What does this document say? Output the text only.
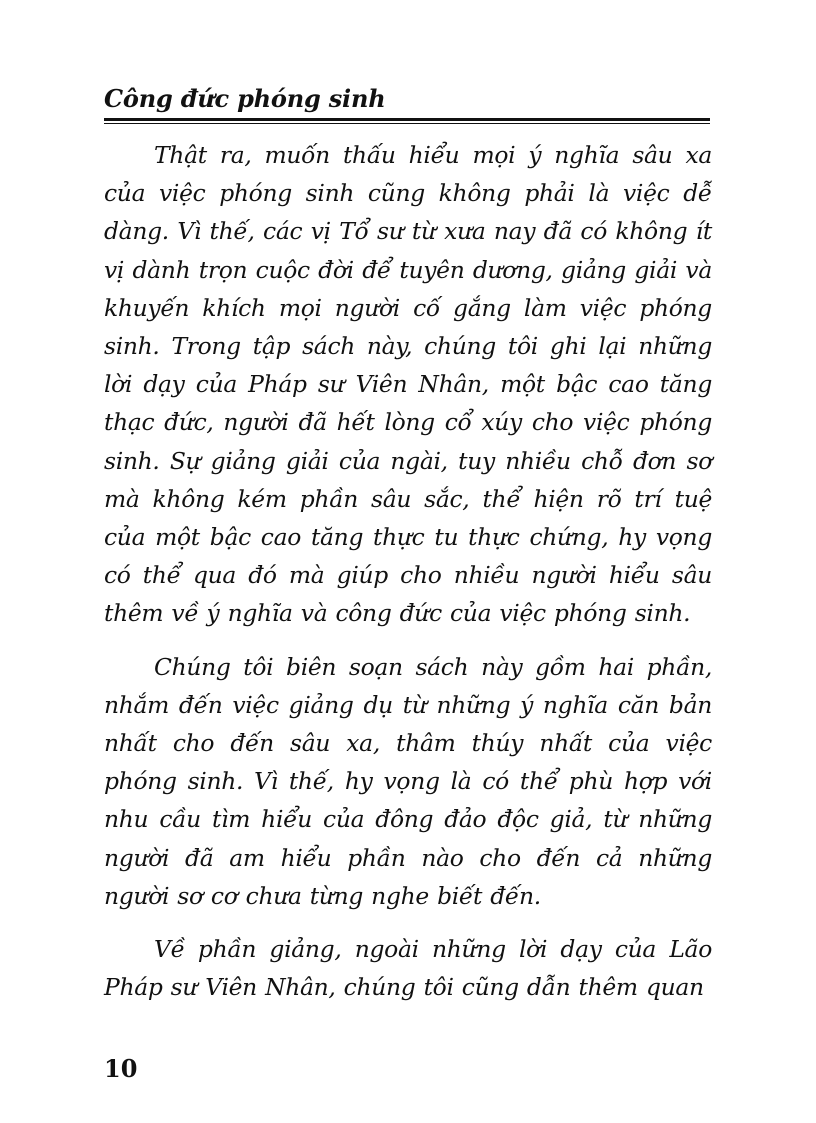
Công đức phóng sinh

Thật ra, muốn thấu hiểu mọi ý nghĩa sâu xa của việc phóng sinh cũng không phải là việc dễ dàng. Vì thế, các vị Tổ sư từ xưa nay đã có không ít vị dành trọn cuộc đời để tuyên dương, giảng giải và khuyến khích mọi người cố gắng làm việc phóng sinh. Trong tập sách này, chúng tôi ghi lại những lời dạy của Pháp sư Viên Nhân, một bậc cao tăng thạc đức, người đã hết lòng cổ xúy cho việc phóng sinh. Sự giảng giải của ngài, tuy nhiều chỗ đơn sơ mà không kém phần sâu sắc, thể hiện rõ trí tuệ của một bậc cao tăng thực tu thực chứng, hy vọng có thể qua đó mà giúp cho nhiều người hiểu sâu thêm về ý nghĩa và công đức của việc phóng sinh.

Chúng tôi biên soạn sách này gồm hai phần, nhắm đến việc giảng dụ từ những ý nghĩa căn bản nhất cho đến sâu xa, thâm thúy nhất của việc phóng sinh. Vì thế, hy vọng là có thể phù hợp với nhu cầu tìm hiểu của đông đảo độc giả, từ những người đã am hiểu phần nào cho đến cả những người sơ cơ chưa từng nghe biết đến.

Về phần giảng, ngoài những lời dạy của Lão Pháp sư Viên Nhân, chúng tôi cũng dẫn thêm quan

10
